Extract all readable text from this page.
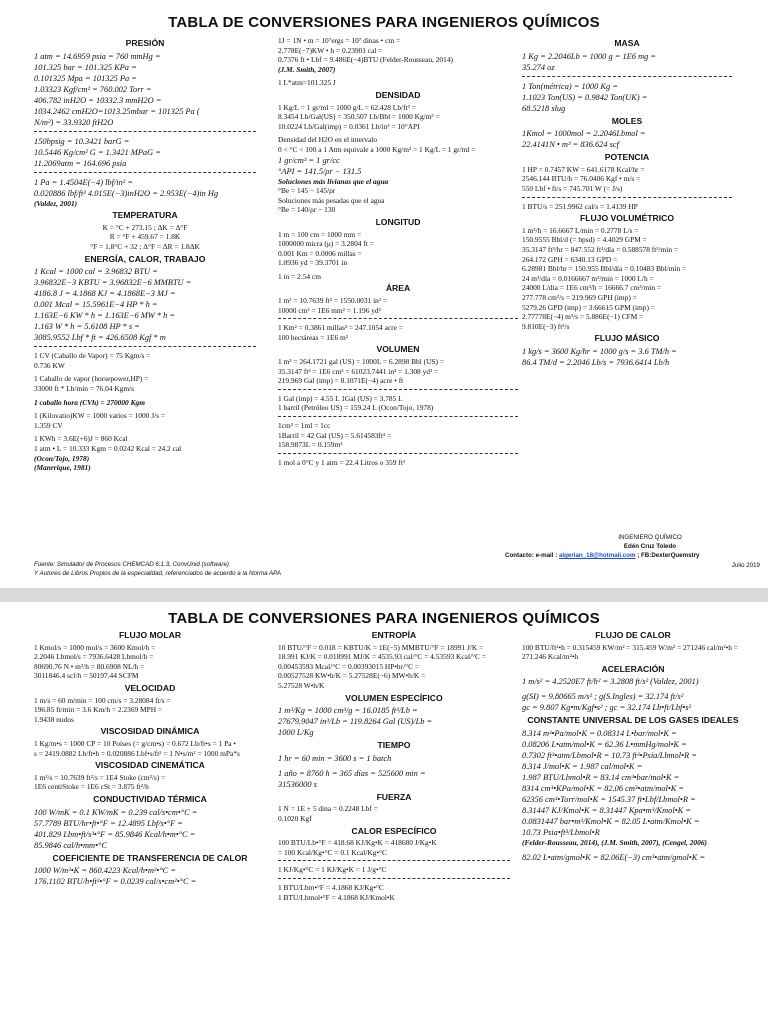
TABLA DE CONVERSIONES PARA INGENIEROS QUÍMICOS
PRESIÓN
1 atm = 14.6959 psia = 760 mmHg =
101.325 bar = 101.325 KPa =
0.101325 Mpa = 101325 Pa =
1.03323 Kgf/cm² = 760.002 Torr =
406.782 inH2O = 10332.3 mmH2O =
1034.2462 cmH2O=1013.25mbar = 101325 Pa (
N/m²) = 33.9320 ftH2O
150bpsig = 10.3421 barG =
10.5446 Kg/cm² G = 1.3421 MPaG =
11.2069atm = 164.696 psia
1 Pa = 1.4504E(−4) lbf/in² =
0.020886 lbf/ft² 4.015E(−3)inH2O = 2.953E(−4)in Hg
(Valdez, 2001)
TEMPERATURA
K = °C + 273.15 ; ΔK = Δ°F
R = °F + 459.67 = 1.8K
°F = 1.8°C + 32 ; Δ°F = ΔR = 1.8ΔK
ENERGÍA, CALOR, TRABAJO
1 Kcal = 1000 cal = 3.96832 BTU =
3.96832E−3 KBTU = 3.96832E−6 MMBTU =
4186.8 J = 4.1868 KJ = 4.1868E−3 MJ =
0.001 Mcal = 15.5961E−4 HP * h =
1.163E−6 KW * h = 1.163E−6 MW * h =
1.163 W * h = 5.6108 HP * s =
3085.9552 Lbf * ft = 426.6508 Kgf * m
1 CV (Caballo de Vapor) = 75 Kgm/s =
0.736 KW
1 Caballo de vapor (horsepower,HP) =
33000 ft * Lb/min = 76.04 Kgm/s
1 caballo hora (CVh) = 270000 Kgm
1 (Kilovatio)KW = 1000 vatios = 1000 J/s =
1.359 CV
1 KWh = 3.6E(+6)J = 860 Kcal
1 atm • L = 10.333 Kgm = 0.0242 Kcal = 24.2 cal
(Ocon/Tojo, 1978)
(Manrrique, 1981)
1J = 1N • m = 10⁷ergs = 10⁷ dinas • cm =
2.778E(−7)KW • h = 0.23901 cal =
0.7376 ft • Lbf = 9.486E(−4)BTU (Felder-Rousseau, 2014)
(J.M. Smith, 2007)
1 L*atm=101.325 J
DENSIDAD
1 Kg/L = 1 gr/ml = 1000 g/L = 62.428 Lb/ft³ =
8.3454 Lb/Gal(US) = 350.507 Lb/Bbl = 1000 Kg/m³ =
10.0224 Lb/Gal(imp) = 0.0361 Lb/in³ = 10°API
Densidad del H2O en el intervalo
0 < °C < 100 a 1 Atm equivale a 1000 Kg/m³ = 1 Kg/L = 1 gr/ml =
1 gr/cm³ = 1 gr/cc
°API = 141.5/ρr − 131.5
Soluciones más livianas que el agua
°Be = 145 − 145/ρr
Soluciones más pesadas que el agua
°Be = 140/ρr − 130
LONGITUD
1 m = 100 cm = 1000 mm =
1000000 micra (μ) = 3.2804 ft =
0.001 Km = 0.0006 millas =
1.0936 yd = 39.3701 in
1 in = 2.54 cm
ÁREA
1 m² = 10.7639 ft² = 1550.0031 in² =
10000 cm² = 1E6 mm² = 1.196 yd²
1 Km² = 0.3861 millas² = 247.1054 acre =
100 hectáreas = 1E6 m²
VOLUMEN
1 m³ = 264.1721 gal (US) = 1000L = 6.2898 Bbl (US) =
35.3147 ft³ = 1E6 cm³ = 61023.7441 in³ = 1.308 yd³ =
219.969 Gal (imp) = 8.1071E(−4) acre • ft
1 Gal (imp) = 4.55 L 1Gal (US) = 3.785 L
1 barril (Petróleo US) = 159.24 L (Ocon/Tojo, 1978)
1cm³ = 1ml = 1cc
1Barril = 42 Gal (US) = 5.614583ft³ =
158.9873L = 0.159m³
1 mol a 0°C y 1 atm = 22.4 Litros o 359 ft³
MASA
1 Kg = 2.2046Lb = 1000 g = 1E6 mg =
35.274 oz
1 Ton(métrica) = 1000 Kg =
1.1023 Ton(US) = 0.9842 Ton(UK) =
68.5218 slug
MOLES
1Kmol = 1000mol = 2.2046Lbmol =
22.4141N • m³ = 836.624 scf
POTENCIA
1 HP = 0.7457 KW = 641.6178 Kcal/hr =
2546.144 BTU/h = 76.0406 Kgf • m/s =
550 Lbf • ft/s = 745.701 W (= J/s)
1 BTU/s = 251.9962 cal/s = 1.4139 HP
FLUJO VOLUMÉTRICO
1 m³/h = 16.6667 L/min = 0.2778 L/s =
150.9555 Bbl/d (= bpsd) = 4.4029 GPM =
35.3147 ft³/hr = 847.552 ft³/día = 0.588578 ft³/min =
264.172 GPH = 6340.13 GPD =
6.28981 Bbl/hr = 150.955 Bbl/día = 0.10483 Bbl/min =
24 m³/día = 0.0166667 m³/min = 1000 L/h =
24000 L/día = 1E6 cm³/h = 16666.7 cm³/min =
277.778 cm³/s = 219.969 GPH (imp) =
5279.26 GPD (imp) = 3.66615 GPM (imp) =
2.77778E(−4) m³/s = 5.886E(−1) CFM =
9.810E(−3) ft³/s
FLUJO MÁSICO
1 kg/s = 3600 Kg/hr = 1000 g/s = 3.6 TM/h =
86.4 TM/d = 2.2046 Lb/s = 7936.6414 Lb/h
INGENIERO QUÍMICO
Edén Cruz Toledo
Contacto: e-mail : algerian_18@hotmail.com ; FB:DexterQuemstry
Julio 2019
Fuente: Simulador de Procesos CHEMCAD 6.1.3, ConvUnid (software)
Y Autores de Libros Propios de la especialidad, referenciados de acuerdo a la Norma APA
TABLA DE CONVERSIONES PARA INGENIEROS QUÍMICOS
FLUJO MOLAR
1 Kmol/s = 1000 mol/s = 3600 Kmol/h =
2.2046 Lbmol/s = 7936.6428 Lbmol/h =
80690.76 N • m³/h = 80.6908 NL/h =
3011846.4 scf/h = 50197.44 SCFM
VELOCIDAD
1 m/s = 60 m/min = 100 cm/s = 3.28084 ft/s =
196.85 ft/min = 3.6 Km/h = 2.2369 MPH =
1.9438 nudos
VISCOSIDAD DINÁMICA
1 Kg/m•s = 1000 CP = 10 Poises (= g/cm•s) = 0.672 Lb/ft•s = 1 Pa •
s = 2419.0882 Lb/ft•h = 0.020886 Lbf•s/ft² = 1 N•s/m² = 1000 mPa*s
VISCOSIDAD CINEMÁTICA
1 m²/s = 10.7639 ft²/s = 1E4 Stoke (cm²/s) =
1E6 centiStoke = 1E6 cSt = 3.875 ft²/h
CONDUCTIVIDAD TÉRMICA
100 W/mK = 0.1 KW/mK = 0.239 cal/s•cm•°C =
57.7789 BTU/hr•ft•°F = 12.4895 Lbf/s•°F =
401.829 Lbm•ft/s³•°F = 85.9846 Kcal/h•m•°C =
85.9846 cal/h•mm•°C
COEFICIENTE DE TRANSFERENCIA DE CALOR
1000 W/m²•K = 860.4223 Kcal/h•m²•°C =
176.1102 BTU/h•ft²•°F = 0.0239 cal/s•cm²•°C =
ENTROPÍA
10 BTU/°F = 0.018 = KBTU/K = 1E(−5) MMBTU/°F = 18991 J/K =
18.991 KJ/K = 0.018991 MJ/K = 4535.93 cal/°C = 4.53593 Kcal/°C =
0.00453593 Mcal/°C = 0.00393015 HP•hr/°C =
0.00527528 KW•h/K = 5.27528E(−6) MW•h/K =
5.27528 W•h/K
VOLUMEN ESPECÍFICO
1 m³/Kg = 1000 cm³/g = 16.0185 ft³/Lb =
27679.9047 in³/Lb = 119.8264 Gal (US)/Lb =
1000 L/Kg
TIEMPO
1 hr = 60 min = 3600 s = 1 batch
1 año = 8760 h = 365 días = 525600 min =
31536000 s
FUERZA
1 N = 1E + 5 dina = 0.2248 Lbf =
0.1020 Kgf
CALOR ESPECÍFICO
100 BTU/Lb•°F = 418.68 KJ/Kg•K = 418680 J/Kg•K
= 100 Kcal/Kg•°C = 0.1 Kcal/Kg•°C
1 KJ/Kg•°C = 1 KJ/Kg•K = 1 J/g•°C
1 BTU/Lbm•°F = 4.1868 KJ/Kg•°C
1 BTU/Lbmol•°F = 4.1868 KJ/Kmol•K
FLUJO DE CALOR
100 BTU/ft²•h = 0.315459 KW/m² = 315.459 W/m² = 271246 cal/m²•h =
271.246 Kcal/m²•h
ACELERACIÓN
1 m/s² = 4.2520E7 ft/h² = 3.2808 ft/s² (Valdez, 2001)
g(SI) = 9.80665 m/s² ; g(S.Ingles) = 32.174 ft/s²
gc = 9.807 Kg•m/Kgf•s² ; gc = 32.174 Lb•ft/Lbf•s²
CONSTANTE UNIVERSAL DE LOS GASES IDEALES
8.314 m³•Pa/mol•K = 0.08314 L•bar/mol•K =
0.08206 L•atm/mol•K = 62.36 L•mmHg/mol•K =
0.7302 ft³•atm/Lbmol•R = 10.73 ft³•Psia/Lbmol•R =
8.314 J/mol•K = 1.987 cal/mol•K =
1.987 BTU/Lbmol•R = 83.14 cm³•bar/mol•K =
8314 cm³•KPa/mol•K = 82.06 cm³•atm/mol•K =
62356 cm³•Torr/mol•K = 1545.37 ft•Lbf/Lbmol•R =
8.31447 KJ/Kmol•K = 8.31447 Kpa•m³/Kmol•K =
0.0831447 bar•m³/Kmol•K = 82.05 L•atm/Kmol•K =
10.73 Psia•ft³/Lbmol•R
(Felder-Rousseau, 2014), (J.M. Smith, 2007), (Cengel, 2006)
82.02 L•atm/gmol•K = 82.06E(−3) cm³•atm/gmol•K =
